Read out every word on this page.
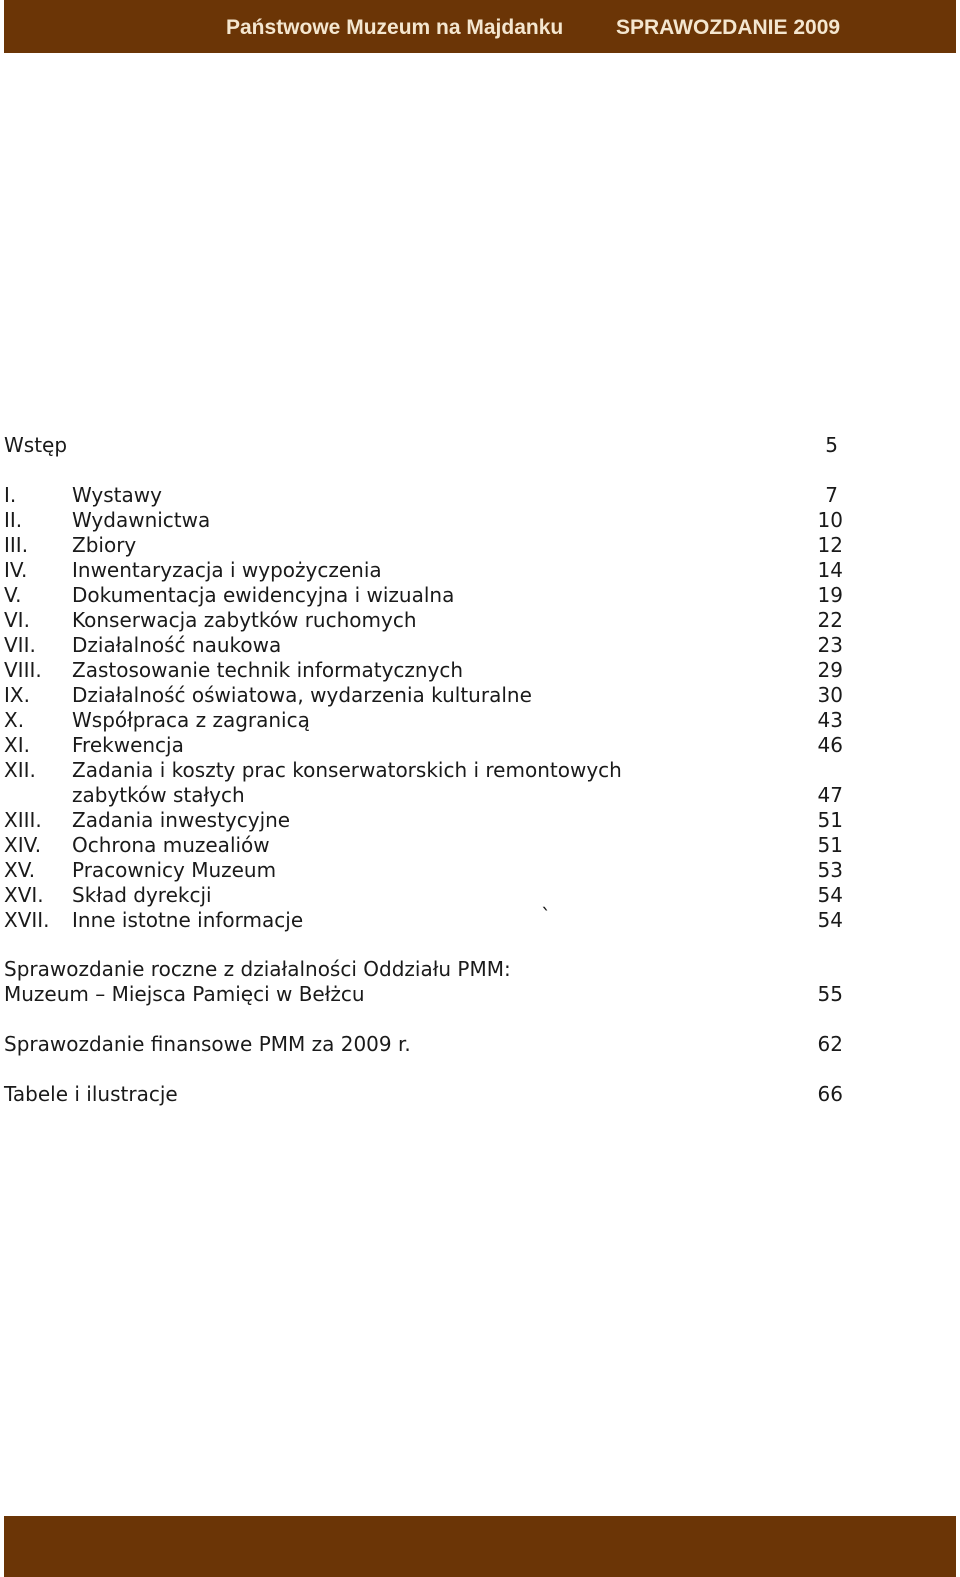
Państwowe Muzeum na Majdanku	SPRAWOZDANIE 2009
Wstęp	5
I.	Wystawy	7
II. Wydawnictwa	10
III. Zbiory	12
IV. Inwentaryzacja i wypożyczenia	14
V.	Dokumentacja ewidencyjna i wizualna	19
VI. Konserwacja zabytków ruchomych	22
VII. Działalność naukowa	23
VIII. Zastosowanie technik informatycznych	29
IX. Działalność oświatowa, wydarzenia kulturalne	30
X. Współpraca z zagranicą	43
XI. Frekwencja	46
XII. Zadania i koszty prac konserwatorskich i remontowych
zabytków stałych	47
XIII. Zadania inwestycyjne	51
XIV. Ochrona muzealiów	51
XV. Pracownicy Muzeum	53
XVI. Skład dyrekcji	54
XVII. Inne istotne informacje	`	54
Sprawozdanie roczne z działalności Oddziału PMM:
Muzeum – Miejsca Pamięci w Bełżcu	55
Sprawozdanie finansowe PMM za 2009 r.	62
Tabele i ilustracje	66
